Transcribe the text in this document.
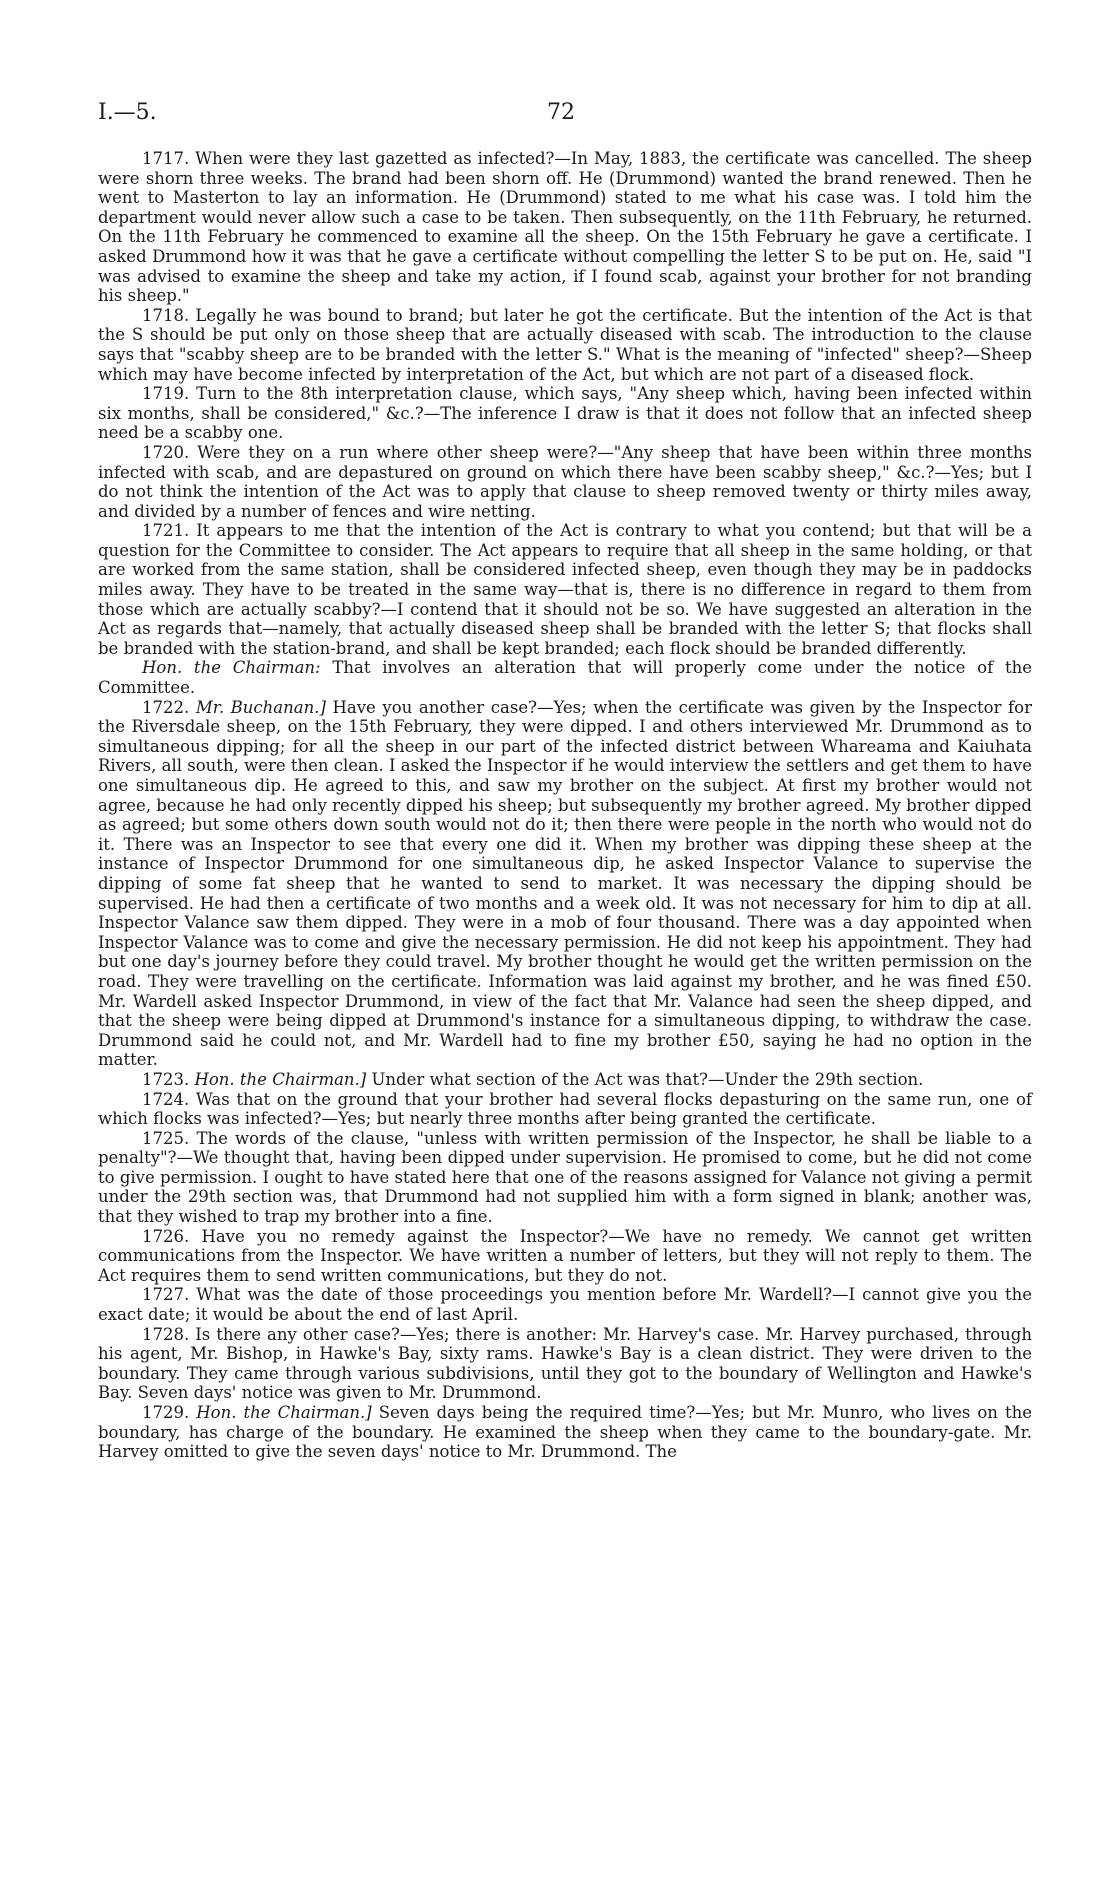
I.—5.	72

1717. When were they last gazetted as infected?—In May, 1883, the certificate was cancelled. The sheep were shorn three weeks. The brand had been shorn off. He (Drummond) wanted the brand renewed. Then he went to Masterton to lay an information. He (Drummond) stated to me what his case was. I told him the department would never allow such a case to be taken. Then subsequently, on the 11th February, he returned. On the 11th February he commenced to examine all the sheep. On the 15th February he gave a certificate. I asked Drummond how it was that he gave a certificate without compelling the letter S to be put on. He, said "I was advised to examine the sheep and take my action, if I found scab, against your brother for not branding his sheep."

1718. Legally he was bound to brand; but later he got the certificate. But the intention of the Act is that the S should be put only on those sheep that are actually diseased with scab. The introduction to the clause says that "scabby sheep are to be branded with the letter S." What is the meaning of "infected" sheep?—Sheep which may have become infected by interpretation of the Act, but which are not part of a diseased flock.

1719. Turn to the 8th interpretation clause, which says, "Any sheep which, having been infected within six months, shall be considered," &c.?—The inference I draw is that it does not follow that an infected sheep need be a scabby one.

1720. Were they on a run where other sheep were?—"Any sheep that have been within three months infected with scab, and are depastured on ground on which there have been scabby sheep," &c.?—Yes; but I do not think the intention of the Act was to apply that clause to sheep removed twenty or thirty miles away, and divided by a number of fences and wire netting.

1721. It appears to me that the intention of the Act is contrary to what you contend; but that will be a question for the Committee to consider. The Act appears to require that all sheep in the same holding, or that are worked from the same station, shall be considered infected sheep, even though they may be in paddocks miles away. They have to be treated in the same way—that is, there is no difference in regard to them from those which are actually scabby?—I contend that it should not be so. We have suggested an alteration in the Act as regards that—namely, that actually diseased sheep shall be branded with the letter S; that flocks shall be branded with the station-brand, and shall be kept branded; each flock should be branded differently.

Hon. the Chairman: That involves an alteration that will properly come under the notice of the Committee.

1722. Mr. Buchanan.] Have you another case?—Yes; when the certificate was given by the Inspector for the Riversdale sheep, on the 15th February, they were dipped. I and others interviewed Mr. Drummond as to simultaneous dipping; for all the sheep in our part of the infected district between Whareama and Kaiuhata Rivers, all south, were then clean. I asked the Inspector if he would interview the settlers and get them to have one simultaneous dip. He agreed to this, and saw my brother on the subject. At first my brother would not agree, because he had only recently dipped his sheep; but subsequently my brother agreed. My brother dipped as agreed; but some others down south would not do it; then there were people in the north who would not do it. There was an Inspector to see that every one did it. When my brother was dipping these sheep at the instance of Inspector Drummond for one simultaneous dip, he asked Inspector Valance to supervise the dipping of some fat sheep that he wanted to send to market. It was necessary the dipping should be supervised. He had then a certificate of two months and a week old. It was not necessary for him to dip at all. Inspector Valance saw them dipped. They were in a mob of four thousand. There was a day appointed when Inspector Valance was to come and give the necessary permission. He did not keep his appointment. They had but one day's journey before they could travel. My brother thought he would get the written permission on the road. They were travelling on the certificate. Information was laid against my brother, and he was fined £50. Mr. Wardell asked Inspector Drummond, in view of the fact that Mr. Valance had seen the sheep dipped, and that the sheep were being dipped at Drummond's instance for a simultaneous dipping, to withdraw the case. Drummond said he could not, and Mr. Wardell had to fine my brother £50, saying he had no option in the matter.

1723. Hon. the Chairman.] Under what section of the Act was that?—Under the 29th section.

1724. Was that on the ground that your brother had several flocks depasturing on the same run, one of which flocks was infected?—Yes; but nearly three months after being granted the certificate.

1725. The words of the clause, "unless with written permission of the Inspector, he shall be liable to a penalty"?—We thought that, having been dipped under supervision. He promised to come, but he did not come to give permission. I ought to have stated here that one of the reasons assigned for Valance not giving a permit under the 29th section was, that Drummond had not supplied him with a form signed in blank; another was, that they wished to trap my brother into a fine.

1726. Have you no remedy against the Inspector?—We have no remedy. We cannot get written communications from the Inspector. We have written a number of letters, but they will not reply to them. The Act requires them to send written communications, but they do not.

1727. What was the date of those proceedings you mention before Mr. Wardell?—I cannot give you the exact date; it would be about the end of last April.

1728. Is there any other case?—Yes; there is another: Mr. Harvey's case. Mr. Harvey purchased, through his agent, Mr. Bishop, in Hawke's Bay, sixty rams. Hawke's Bay is a clean district. They were driven to the boundary. They came through various subdivisions, until they got to the boundary of Wellington and Hawke's Bay. Seven days' notice was given to Mr. Drummond.

1729. Hon. the Chairman.] Seven days being the required time?—Yes; but Mr. Munro, who lives on the boundary, has charge of the boundary. He examined the sheep when they came to the boundary-gate. Mr. Harvey omitted to give the seven days' notice to Mr. Drummond. The
